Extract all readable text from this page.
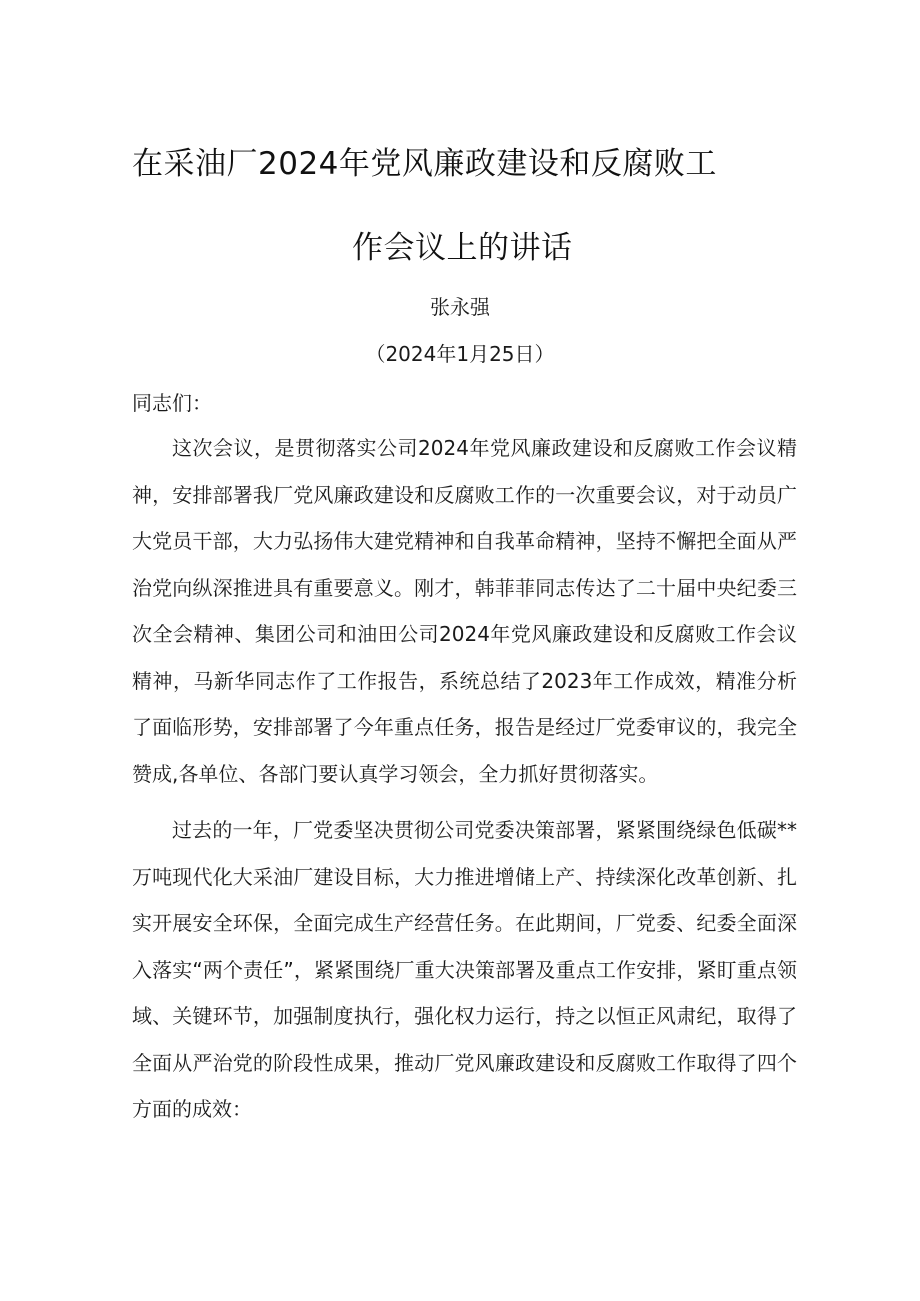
在采油厂2024年党风廉政建设和反腐败工
作会议上的讲话
张永强
（2024年1月25日）
同志们：

这次会议，是贯彻落实公司2024年党风廉政建设和反腐败工作会议精神，安排部署我厂党风廉政建设和反腐败工作的一次重要会议，对于动员广大党员干部，大力弘扬伟大建党精神和自我革命精神，坚持不懈把全面从严治党向纵深推进具有重要意义。刚才，韩菲菲同志传达了二十届中央纪委三次全会精神、集团公司和油田公司2024年党风廉政建设和反腐败工作会议精神，马新华同志作了工作报告，系统总结了2023年工作成效，精准分析了面临形势，安排部署了今年重点任务，报告是经过厂党委审议的，我完全赞成,各单位、各部门要认真学习领会，全力抓好贯彻落实。

过去的一年，厂党委坚决贯彻公司党委决策部署，紧紧围绕绿色低碳**万吨现代化大采油厂建设目标，大力推进增储上产、持续深化改革创新、扎实开展安全环保，全面完成生产经营任务。在此期间，厂党委、纪委全面深入落实“两个责任”，紧紧围绕厂重大决策部署及重点工作安排，紧盯重点领域、关键环节，加强制度执行，强化权力运行，持之以恒正风肃纪，取得了全面从严治党的阶段性成果，推动厂党风廉政建设和反腐败工作取得了四个方面的成效：
